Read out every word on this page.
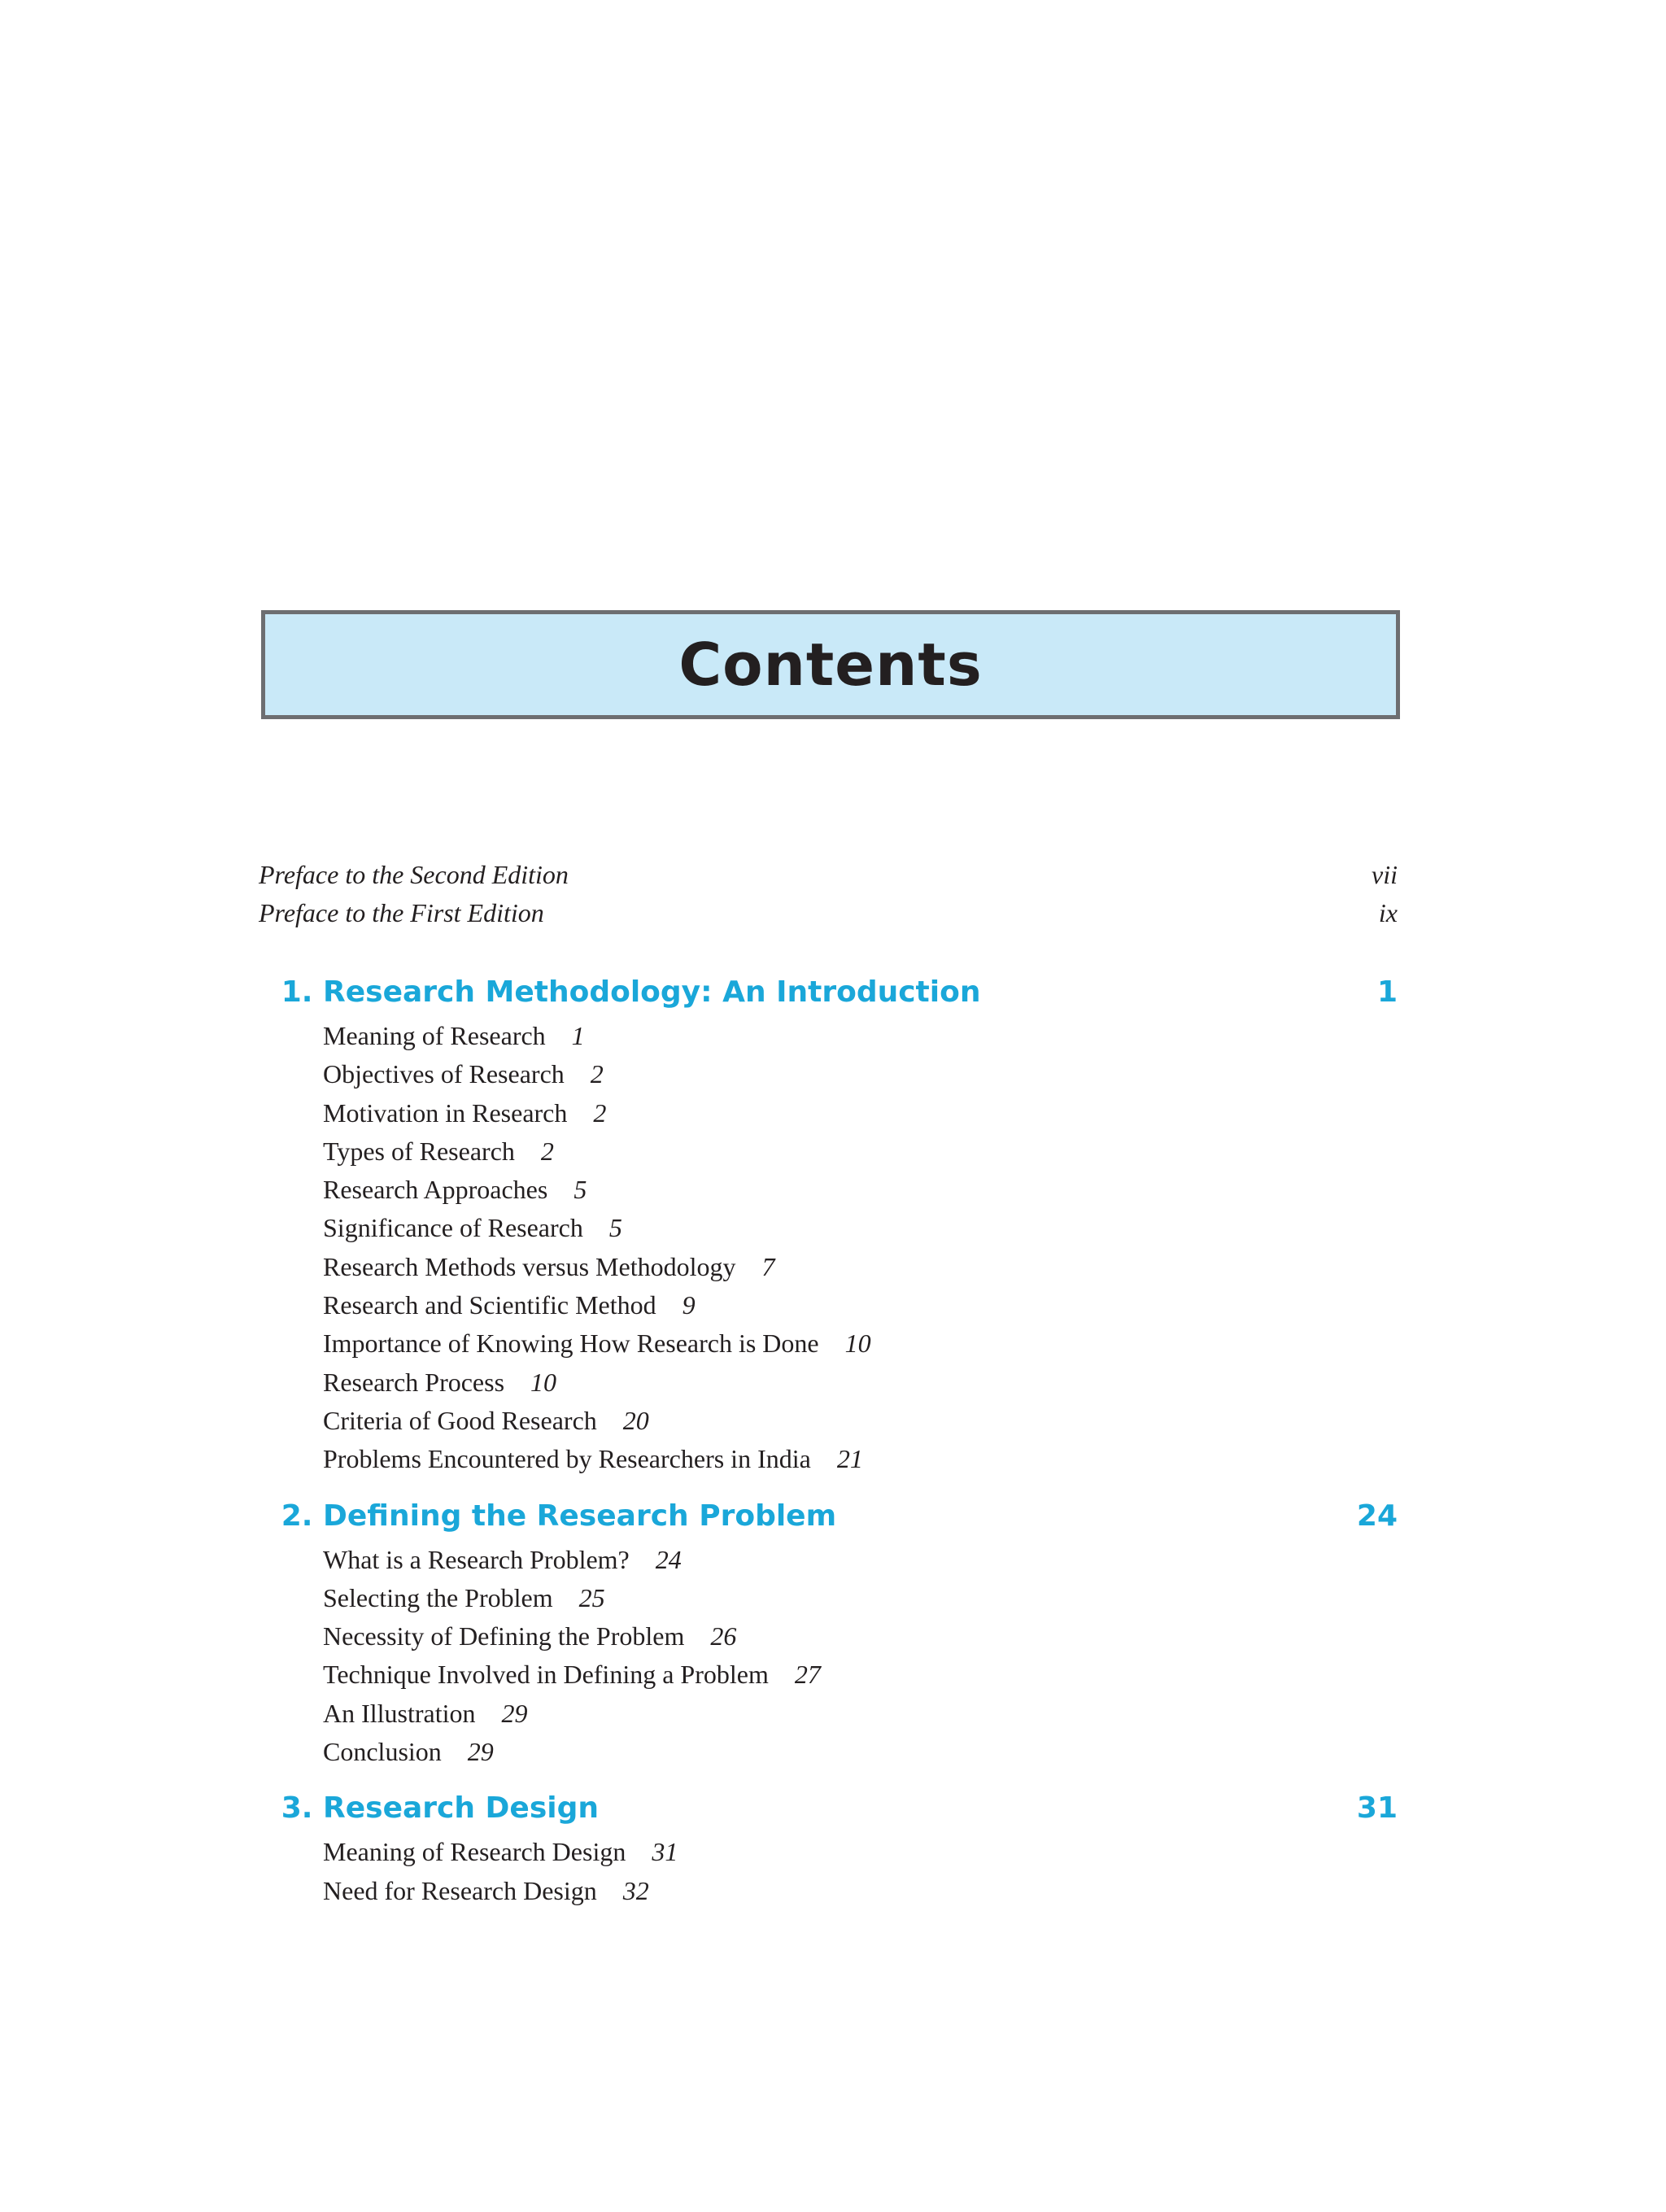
Contents
Preface to the Second Edition	vii
Preface to the First Edition	ix
1. Research Methodology: An Introduction	1
Meaning of Research 1
Objectives of Research 2
Motivation in Research 2
Types of Research 2
Research Approaches 5
Significance of Research 5
Research Methods versus Methodology 7
Research and Scientific Method 9
Importance of Knowing How Research is Done 10
Research Process 10
Criteria of Good Research 20
Problems Encountered by Researchers in India 21
2. Defining the Research Problem	24
What is a Research Problem? 24
Selecting the Problem 25
Necessity of Defining the Problem 26
Technique Involved in Defining a Problem 27
An Illustration 29
Conclusion 29
3. Research Design	31
Meaning of Research Design 31
Need for Research Design 32
